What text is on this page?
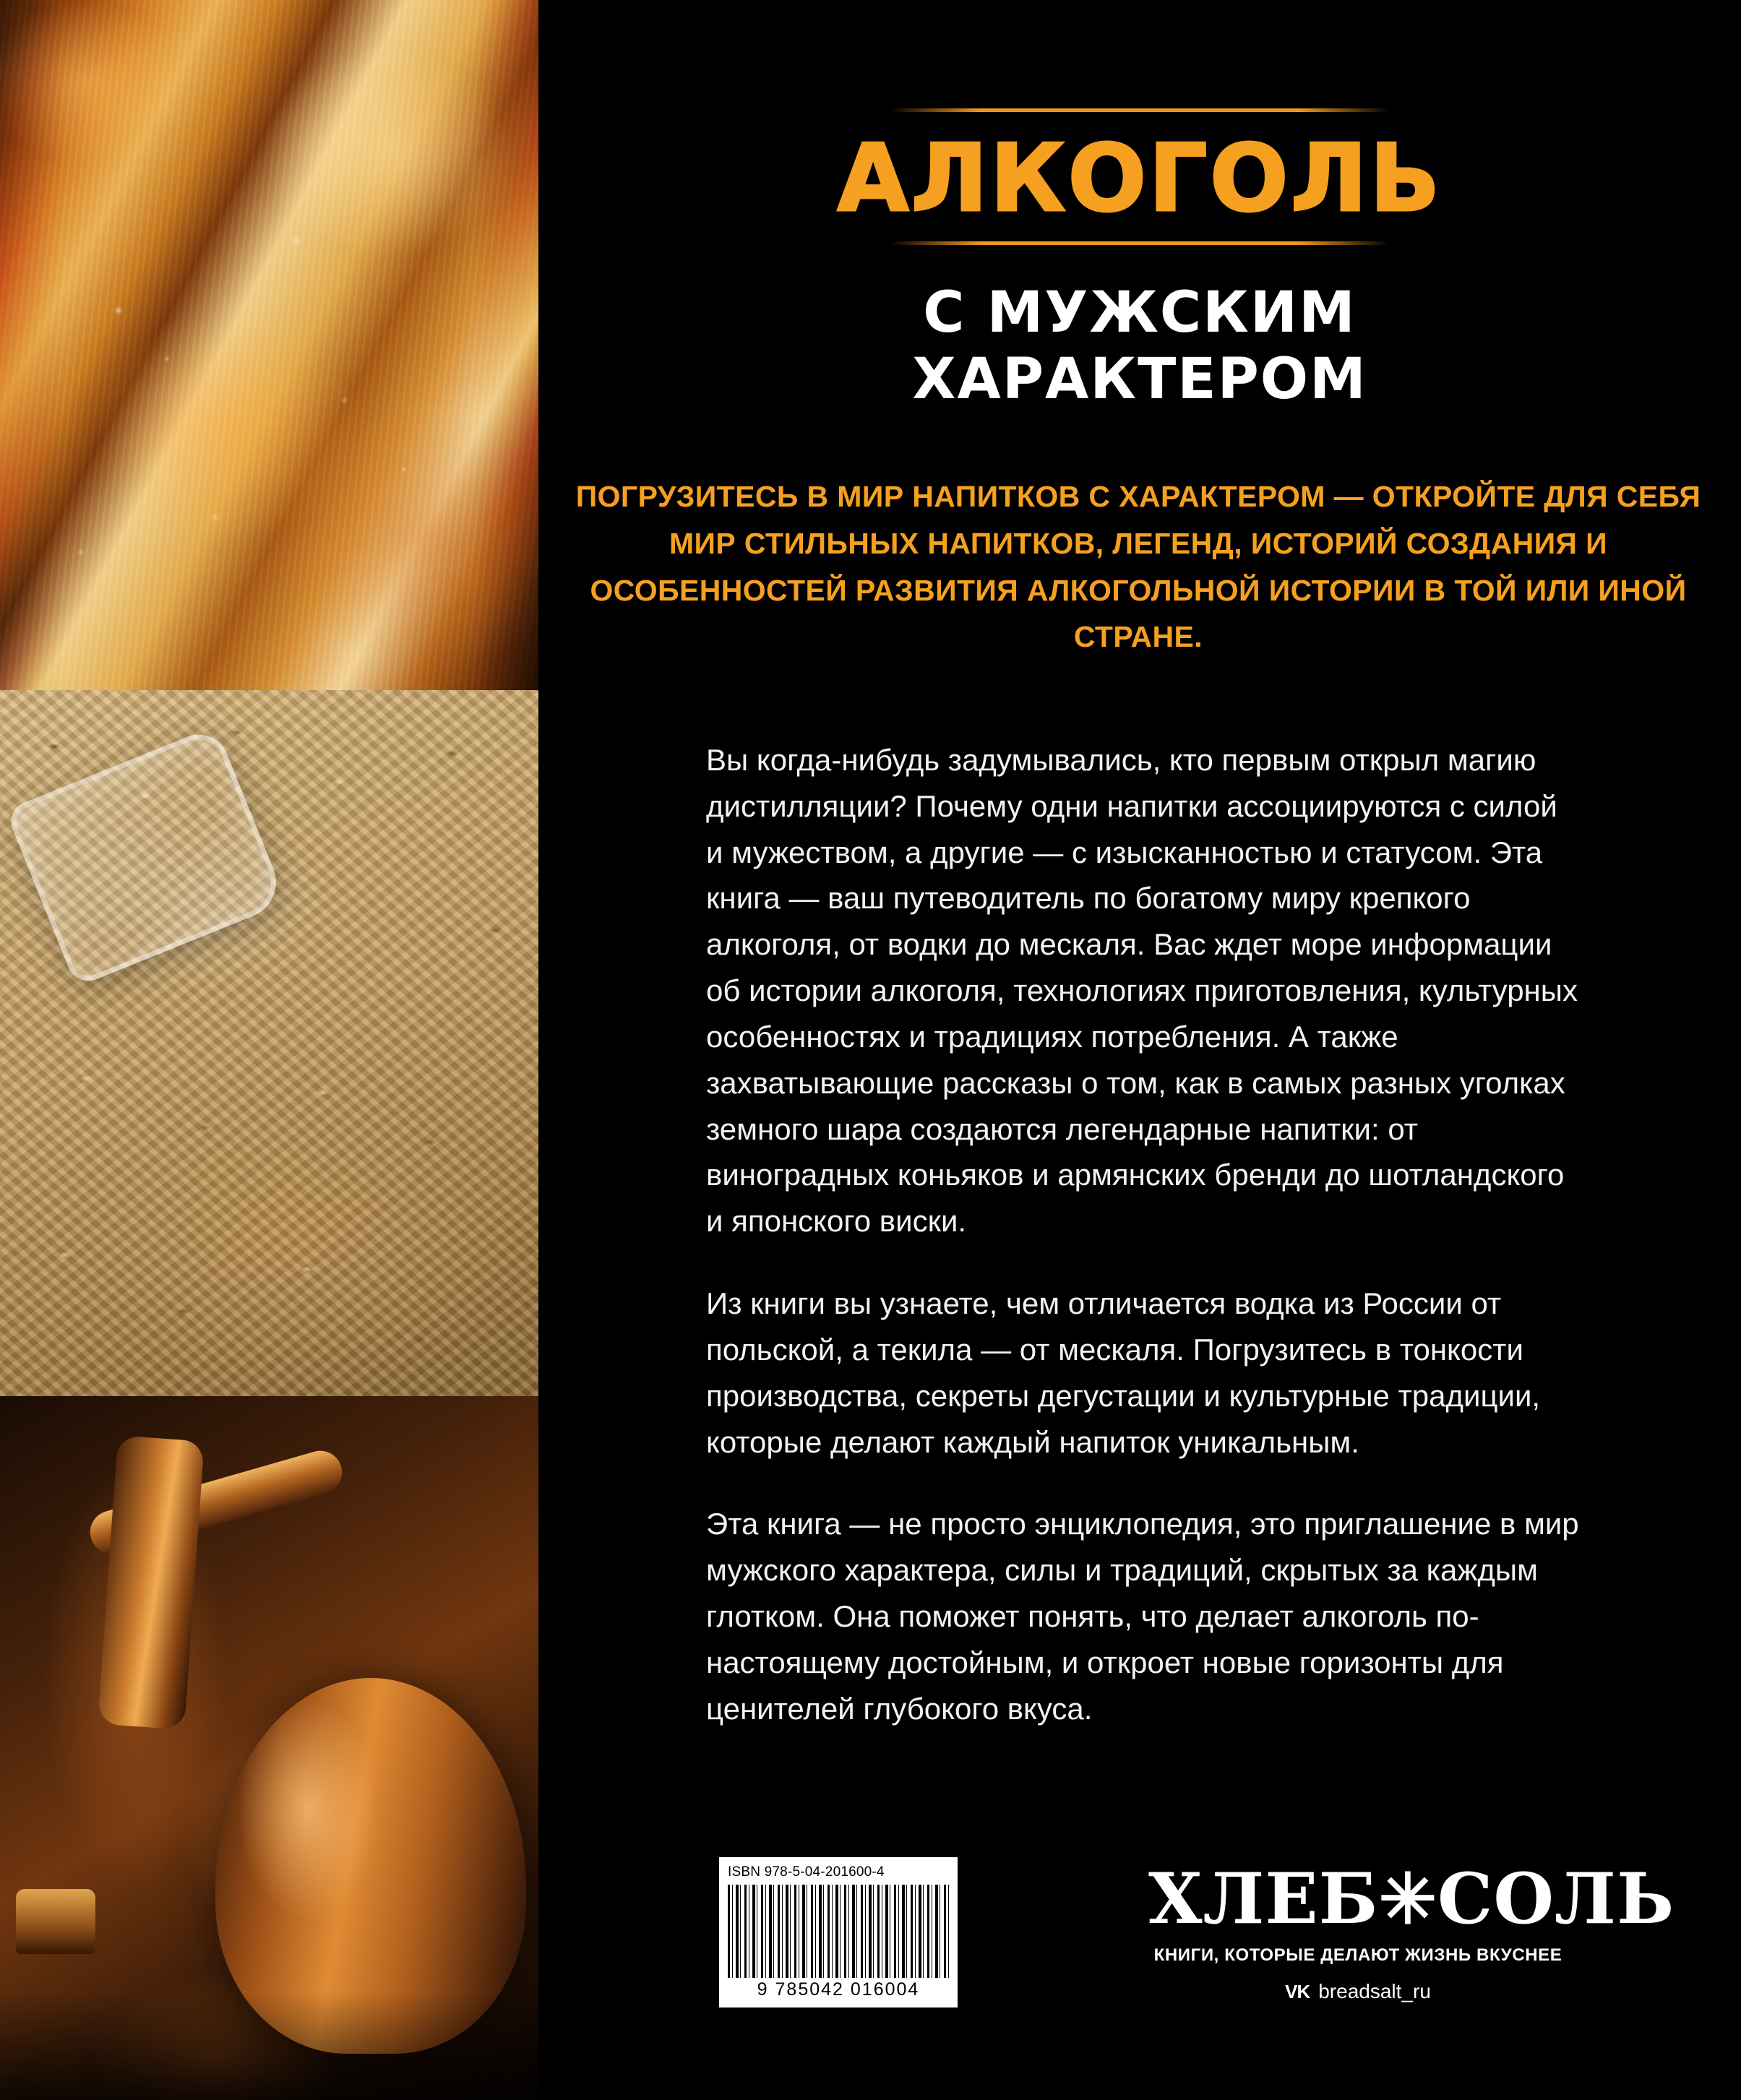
АЛКОГОЛЬ
С МУЖСКИМ
ХАРАКТЕРОМ
ПОГРУЗИТЕСЬ В МИР НАПИТКОВ С ХАРАКТЕРОМ — ОТКРОЙТЕ ДЛЯ СЕБЯ МИР СТИЛЬНЫХ НАПИТКОВ, ЛЕГЕНД, ИСТОРИЙ СОЗДАНИЯ И ОСОБЕННОСТЕЙ РАЗВИТИЯ АЛКОГОЛЬНОЙ ИСТОРИИ В ТОЙ ИЛИ ИНОЙ СТРАНЕ.

Вы когда-нибудь задумывались, кто первым открыл магию дистилляции? Почему одни напитки ассоциируются с силой и мужеством, а другие — с изысканностью и статусом. Эта книга — ваш путеводитель по богатому миру крепкого алкоголя, от водки до мескаля. Вас ждет море информации об истории алкоголя, технологиях приготовления, культурных особенностях и традициях потребления. А также захватывающие рассказы о том, как в самых разных уголках земного шара создаются легендарные напитки: от виноградных коньяков и армянских бренди до шотландского и японского виски.

Из книги вы узнаете, чем отличается водка из России от польской, а текила — от мескаля. Погрузитесь в тонкости производства, секреты дегустации и культурные традиции, которые делают каждый напиток уникальным.

Эта книга — не просто энциклопедия, это приглашение в мир мужского характера, силы и традиций, скрытых за каждым глотком. Она поможет понять, что делает алкоголь по-настоящему достойным, и откроет новые горизонты для ценителей глубокого вкуса.

ISBN 978-5-04-201600-4
9 785042 016004
ХЛЕБ✳СОЛЬ
КНИГИ, КОТОРЫЕ ДЕЛАЮТ ЖИЗНЬ ВКУСНЕЕ
VK breadsalt_ru
